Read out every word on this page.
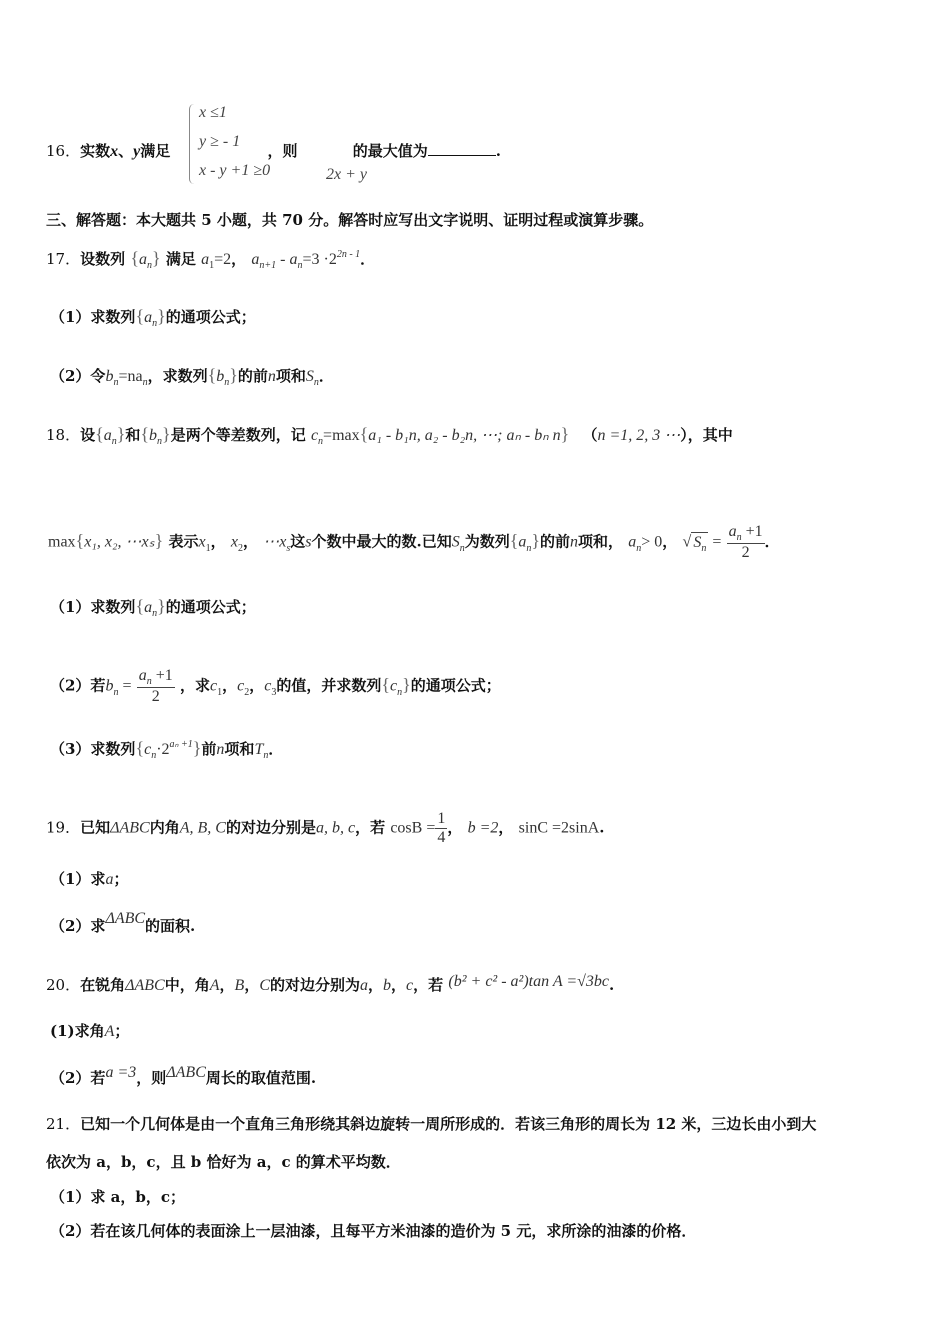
x ≤1
y ≥ - 1
x - y +1 ≥0	2x + y
16．实数x、y满足	，则	的最大值为	.
三、解答题：本大题共 5 小题，共 70 分。解答时应写出文字说明、证明过程或演算步骤。
17．设数列 $\{a_n\}$ 满足 $a_1=2$， $a_{n+1} - a_n=3 \cdot 2^{2n - 1}$．
（1）求数列$\{a_n\}$的通项公式；
（2）令$b_n=na_n$，求数列$\{b_n\}$的前n项和$S_n$．
18．设$\{a_n\}$和$\{b_n\}$是两个等差数列，记 $c_n=\max\{a_1 - b_1n$, a₂ - b₂n, ⋯; aₙ - bₙ n} （n =1, 2, 3 ⋯），其中
max{x₁, x₂, ⋯xₛ} 表示$x_1$， $x_2$， $\cdots x_s$这s个数中最大的数.已知$S_n$为数列$\{a_n\}$的前n项和， $a_n> 0$， √ $S_n = \frac{a_n +1}{2}$ ．
（1）求数列$\{a_n\}$的通项公式；
（2）若$b_n = \frac{a_n +1}{2}$ ，求$c_1$，$c_2$，$c_3$的值，并求数列$\{c_n\}$的通项公式；
（3）求数列$\{c_n\cdot 2^{a_n +1}\}$前n项和$T_n$．
19．已知ΔABC内角A, B, C的对边分别是a, b, c，若 $\cos B = \frac{1}{4}$ ， b =2， sinC =2sinA.
（1）求a；
（2）求ΔABC的面积.
20．在锐角ΔABC中，角A，B，C的对边分别为a，b，c，若 (b² + c² - a²)tan A =√3bc.
(1)求角A；
（2）若a =3，则ΔABC周长的取值范围.
21．已知一个几何体是由一个直角三角形绕其斜边旋转一周所形成的．若该三角形的周长为 12 米，三边长由小到大
依次为 a，b，c，且 b 恰好为 a，c 的算术平均数．
（1）求 a，b，c；
（2）若在该几何体的表面涂上一层油漆，且每平方米油漆的造价为 5 元，求所涂的油漆的价格．
